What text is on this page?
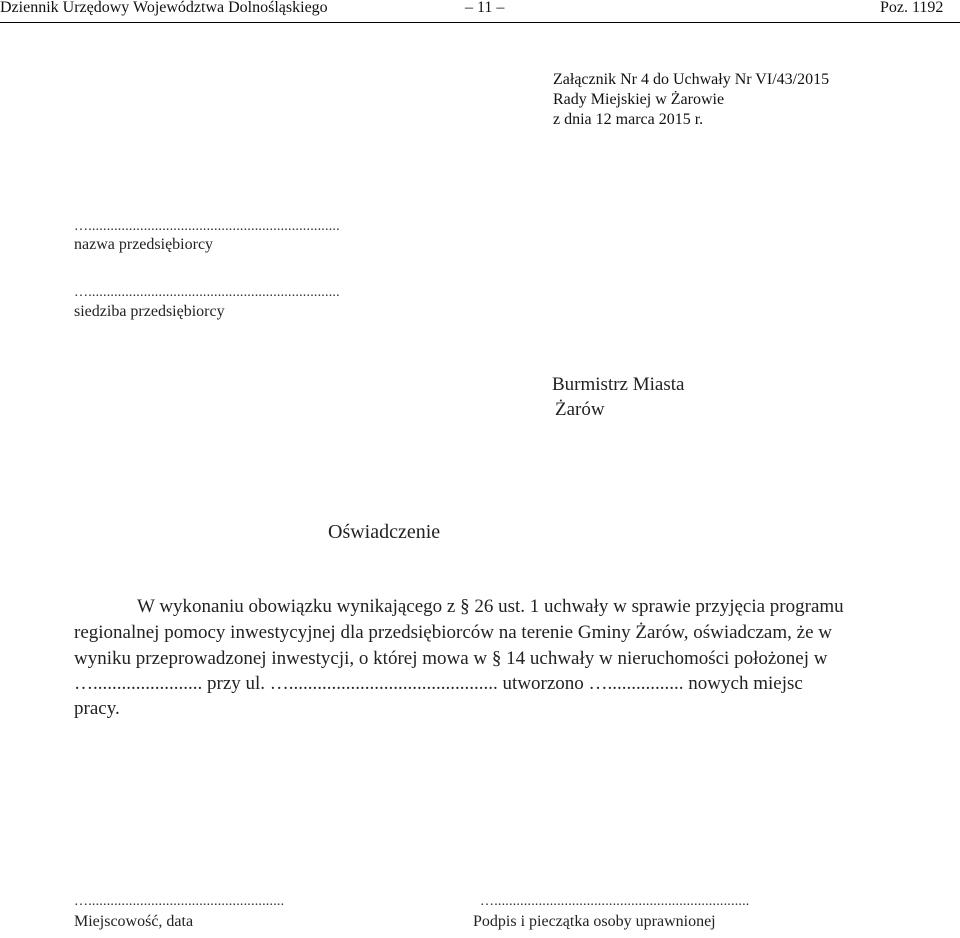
Dziennik Urzędowy Województwa Dolnośląskiego	– 11 –	Poz. 1192
Załącznik Nr 4 do Uchwały Nr VI/43/2015
Rady Miejskiej w Żarowie
z dnia 12 marca 2015 r.
…....................................................................
nazwa przedsiębiorcy
…....................................................................
siedziba przedsiębiorcy
Burmistrz Miasta
Żarów
Oświadczenie
W wykonaniu obowiązku wynikającego z § 26 ust. 1 uchwały w sprawie przyjęcia programu
regionalnej pomocy inwestycyjnej dla przedsiębiorców na terenie Gminy Żarów, oświadczam, że w
wyniku przeprowadzonej inwestycji, o której mowa w § 14 uchwały w nieruchomości położonej w
…....................... przy ul. …............................................ utworzono …................ nowych miejsc
pracy.
….....................................................
Miejscowość, data
….....................................................................
Podpis i pieczątka osoby uprawnionej
